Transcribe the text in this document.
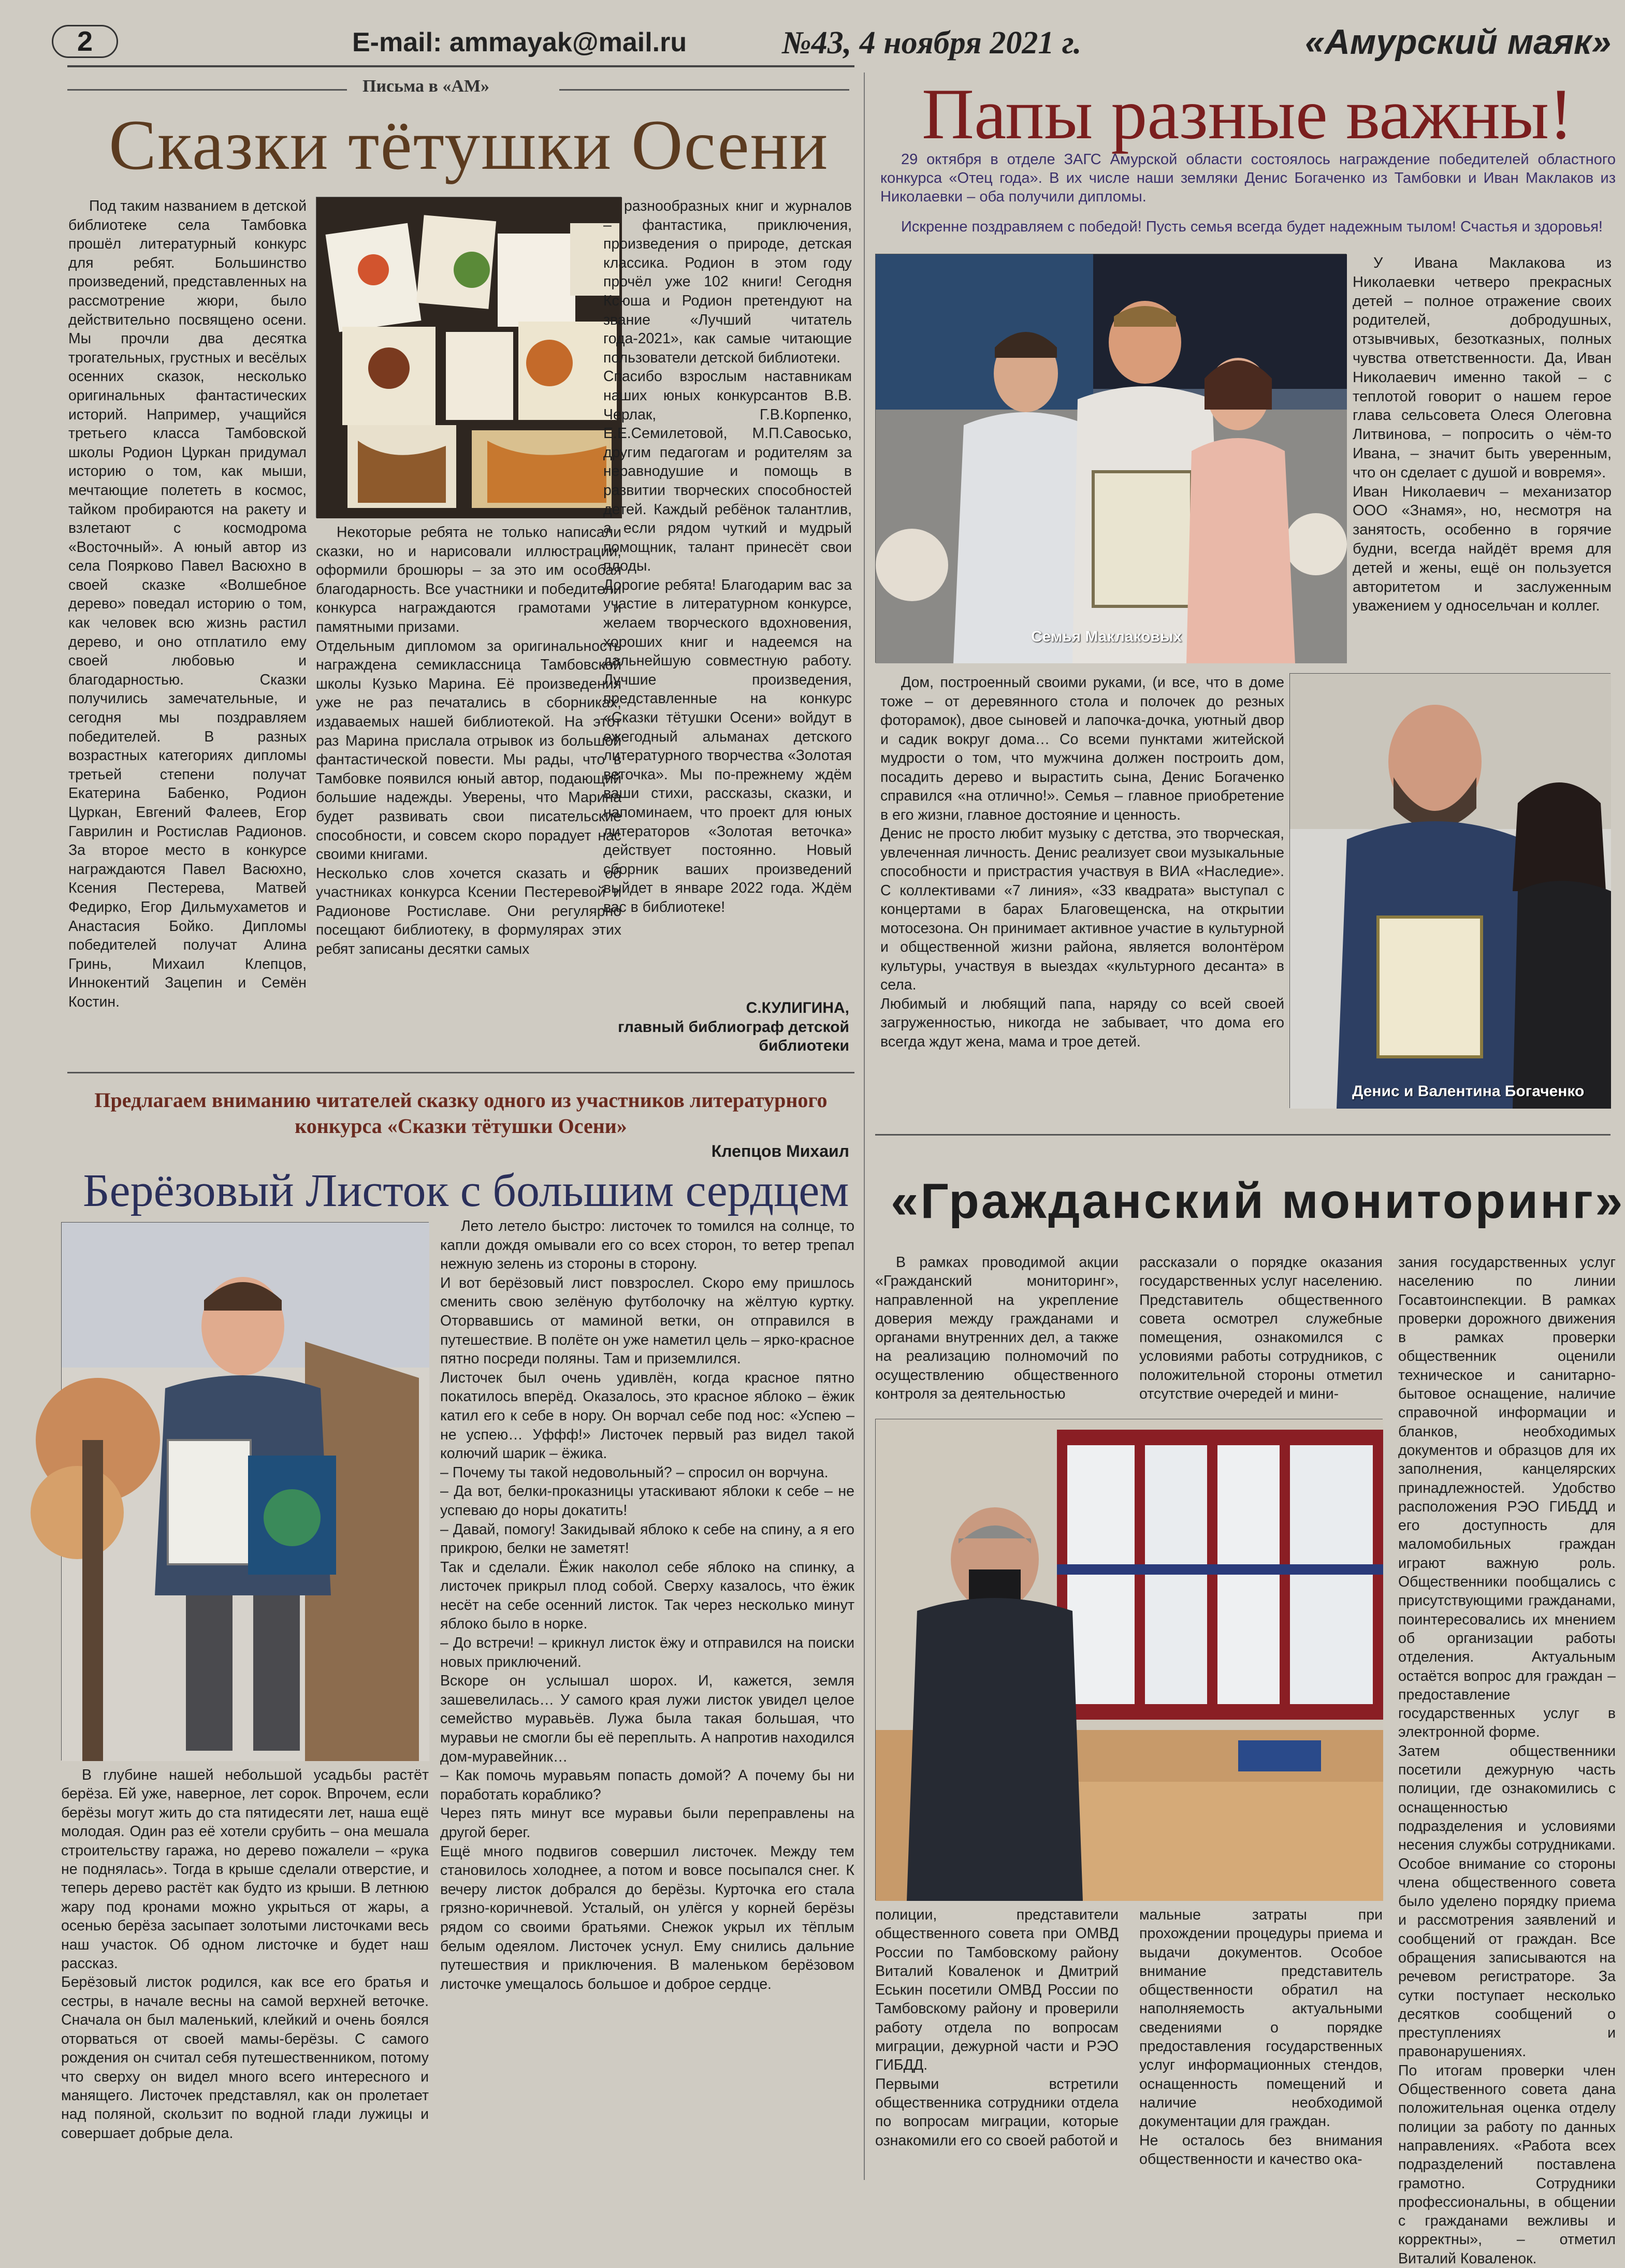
2	E-mail: ammayak@mail.ru	№43, 4 ноября 2021 г.	«Амурский маяк»
Письма в «АМ»
Сказки тётушки Осени
Под таким названием в детской библиотеке села Тамбовка прошёл литературный конкурс для ребят. Большинство произведений, представленных на рассмотрение жюри, было действительно посвящено осени. Мы прочли два десятка трогательных, грустных и весёлых осенних сказок, несколько оригинальных фантастических историй. Например, учащийся третьего класса Тамбовской школы Родион Цуркан придумал историю о том, как мыши, мечтающие полететь в космос, тайком пробираются на ракету и взлетают с космодрома «Восточный». А юный автор из села Поярково Павел Васюхно в своей сказке «Волшебное дерево» поведал историю о том, как человек всю жизнь растил дерево, и оно отплатило ему своей любовью и благодарностью. Сказки получились замечательные, и сегодня мы поздравляем победителей. В разных возрастных категориях дипломы третьей степени получат Екатерина Бабенко, Родион Цуркан, Евгений Фалеев, Егор Гаврилин и Ростислав Радионов. За второе место в конкурсе награждаются Павел Васюхно, Ксения Пестерева, Матвей Федирко, Егор Дильмухаметов и Анастасия Бойко. Дипломы победителей получат Алина Гринь, Михаил Клепцов, Иннокентий Зацепин и Семён Костин.
Некоторые ребята не только написали сказки, но и нарисовали иллюстрации, оформили брошюры – за это им особая благодарность. Все участники и победители конкурса награждаются грамотами и памятными призами.
Отдельным дипломом за оригинальность награждена семиклассница Тамбовской школы Кузько Марина. Её произведения уже не раз печатались в сборниках, издаваемых нашей библиотекой. На этот раз Марина прислала отрывок из большой фантастической повести. Мы рады, что в Тамбовке появился юный автор, подающий большие надежды. Уверены, что Марина будет развивать свои писательские способности, и совсем скоро порадует нас своими книгами.
Несколько слов хочется сказать и об участниках конкурса Ксении Пестеревой и Радионове Ростиславе. Они регулярно посещают библиотеку, в формулярах этих ребят записаны десятки самых
разнообразных книг и журналов – фантастика, приключения, произведения о природе, детская классика. Родион в этом году прочёл уже 102 книги! Сегодня Ксюша и Родион претендуют на звание «Лучший читатель года-2021», как самые читающие пользователи детской библиотеки.
Спасибо взрослым наставникам наших юных конкурсантов В.В. Черлак, Г.В.Корпенко, Е.Е.Семилетовой, М.П.Савосько, другим педагогам и родителям за неравнодушие и помощь в развитии творческих способностей детей. Каждый ребёнок талантлив, а если рядом чуткий и мудрый помощник, талант принесёт свои плоды.
Дорогие ребята! Благодарим вас за участие в литературном конкурсе, желаем творческого вдохновения, хороших книг и надеемся на дальнейшую совместную работу. Лучшие произведения, представленные на конкурс «Сказки тётушки Осени» войдут в ежегодный альманах детского литературного творчества «Золотая веточка». Мы по-прежнему ждём ваши стихи, рассказы, сказки, и напоминаем, что проект для юных литераторов «Золотая веточка» действует постоянно. Новый сборник ваших произведений выйдет в январе 2022 года. Ждём вас в библиотеке!
С.КУЛИГИНА,
главный библиограф детской библиотеки
Папы разные важны!
29 октября в отделе ЗАГС Амурской области состоялось награждение победителей областного конкурса «Отец года». В их числе наши земляки Денис Богаченко из Тамбовки и Иван Маклаков из Николаевки – оба получили дипломы.
Искренне поздравляем с победой! Пусть семья всегда будет надежным тылом! Счастья и здоровья!
Семья Маклаковых
У Ивана Маклакова из Николаевки четверо прекрасных детей – полное отражение своих родителей, добродушных, отзывчивых, безотказных, полных чувства ответственности. Да, Иван Николаевич именно такой – с теплотой говорит о нашем герое глава сельсовета Олеся Олеговна Литвинова, – попросить о чём-то Ивана, – значит быть уверенным, что он сделает с душой и вовремя».
Иван Николаевич – механизатор ООО «Знамя», но, несмотря на занятость, особенно в горячие будни, всегда найдёт время для детей и жены, ещё он пользуется авторитетом и заслуженным уважением у односельчан и коллег.
Дом, построенный своими руками, (и все, что в доме тоже – от деревянного стола и полочек до резных фоторамок), двое сыновей и лапочка-дочка, уютный двор и садик вокруг дома… Со всеми пунктами житейской мудрости о том, что мужчина должен построить дом, посадить дерево и вырастить сына, Денис Богаченко справился «на отлично!». Семья – главное приобретение в его жизни, главное достояние и ценность.
Денис не просто любит музыку с детства, это творческая, увлеченная личность. Денис реализует свои музыкальные способности и пристрастия участвуя в ВИА «Наследие». С коллективами «7 линия», «33 квадрата» выступал с концертами в барах Благовещенска, на открытии мотосезона. Он принимает активное участие в культурной и общественной жизни района, является волонтёром культуры, участвуя в выездах «культурного десанта» в села.
Любимый и любящий папа, наряду со всей своей загруженностью, никогда не забывает, что дома его всегда ждут жена, мама и трое детей.
Денис и Валентина Богаченко
Предлагаем вниманию читателей сказку одного из участников литературного конкурса «Сказки тётушки Осени»
Клепцов Михаил
Берёзовый Листок с большим сердцем
В глубине нашей небольшой усадьбы растёт берёза. Ей уже, наверное, лет сорок. Впрочем, если берёзы могут жить до ста пятидесяти лет, наша ещё молодая. Один раз её хотели срубить – она мешала строительству гаража, но дерево пожалели – «рука не поднялась». Тогда в крыше сделали отверстие, и теперь дерево растёт как будто из крыши. В летнюю жару под кронами можно укрыться от жары, а осенью берёза засыпает золотыми листочками весь наш участок. Об одном листочке и будет наш рассказ.
Берёзовый листок родился, как все его братья и сестры, в начале весны на самой верхней веточке. Сначала он был маленький, клейкий и очень боялся оторваться от своей мамы-берёзы. С самого рождения он считал себя путешественником, потому что сверху он видел много всего интересного и манящего. Листочек представлял, как он пролетает над поляной, скользит по водной глади лужицы и совершает добрые дела.
Лето летело быстро: листочек то томился на солнце, то капли дождя омывали его со всех сторон, то ветер трепал нежную зелень из стороны в сторону.
И вот берёзовый лист повзрослел. Скоро ему пришлось сменить свою зелёную футболочку на жёлтую куртку. Оторвавшись от маминой ветки, он отправился в путешествие. В полёте он уже наметил цель – ярко-красное пятно посреди поляны. Там и приземлился.
Листочек был очень удивлён, когда красное пятно покатилось вперёд. Оказалось, это красное яблоко – ёжик катил его к себе в нору. Он ворчал себе под нос: «Успею – не успею… Уффф!» Листочек первый раз видел такой колючий шарик – ёжика.
– Почему ты такой недовольный? – спросил он ворчуна.
– Да вот, белки-проказницы утаскивают яблоки к себе – не успеваю до норы докатить!
– Давай, помогу! Закидывай яблоко к себе на спину, а я его прикрою, белки не заметят!
Так и сделали. Ёжик наколол себе яблоко на спинку, а листочек прикрыл плод собой. Сверху казалось, что ёжик несёт на себе осенний листок. Так через несколько минут яблоко было в норке.
– До встречи! – крикнул листок ёжу и отправился на поиски новых приключений.
Вскоре он услышал шорох. И, кажется, земля зашевелилась… У самого края лужи листок увидел целое семейство муравьёв. Лужа была такая большая, что муравьи не смогли бы её переплыть. А напротив находился дом-муравейник…
– Как помочь муравьям попасть домой? А почему бы ни поработать кораблико?
Через пять минут все муравьи были переправлены на другой берег.
Ещё много подвигов совершил листочек. Между тем становилось холоднее, а потом и вовсе посыпался снег. К вечеру листок добрался до берёзы. Курточка его стала грязно-коричневой. Усталый, он улёгся у корней берёзы рядом со своими братьями. Снежок укрыл их тёплым белым одеялом. Листочек уснул. Ему снились дальние путешествия и приключения. В маленьком берёзовом листочке умещалось большое и доброе сердце.
«Гражданский мониторинг»
В рамках проводимой акции «Гражданский мониторинг», направленной на укрепление доверия между гражданами и органами внутренних дел, а также на реализацию полномочий по осуществлению общественного контроля за деятельностью
рассказали о порядке оказания государственных услуг населению. Представитель общественного совета осмотрел служебные помещения, ознакомился с условиями работы сотрудников, с положительной стороны отметил отсутствие очередей и мини-
полиции, представители общественного совета при ОМВД России по Тамбовскому району Виталий Коваленок и Дмитрий Еськин посетили ОМВД России по Тамбовскому району и проверили работу отдела по вопросам миграции, дежурной части и РЭО ГИБДД.
Первыми встретили общественника сотрудники отдела по вопросам миграции, которые ознакомили его со своей работой и
мальные затраты при прохождении процедуры приема и выдачи документов. Особое внимание представитель общественности обратил на наполняемость актуальными сведениями о порядке предоставления государственных услуг информационных стендов, оснащенность помещений и наличие необходимой документации для граждан.
Не осталось без внимания общественности и качество ока-
зания государственных услуг населению по линии Госавтоинспекции. В рамках проверки дорожного движения в рамках проверки общественник оценили техническое и санитарно-бытовое оснащение, наличие справочной информации и бланков, необходимых документов и образцов для их заполнения, канцелярских принадлежностей. Удобство расположения РЭО ГИБДД и его доступность для маломобильных граждан играют важную роль. Общественники пообщались с присутствующими гражданами, поинтересовались их мнением об организации работы отделения. Актуальным остаётся вопрос для граждан – предоставление государственных услуг в электронной форме.
Затем общественники посетили дежурную часть полиции, где ознакомились с оснащенностью подразделения и условиями несения службы сотрудниками. Особое внимание со стороны члена общественного совета было уделено порядку приема и рассмотрения заявлений и сообщений от граждан. Все обращения записываются на речевом регистраторе. За сутки поступает несколько десятков сообщений о преступлениях и правонарушениях.
По итогам проверки член Общественного совета дана положительная оценка отделу полиции за работу по данных направлениях. «Работа всех подразделений поставлена грамотно. Сотрудники профессиональны, в общении с гражданами вежливы и корректны», – отметил Виталий Коваленок.
